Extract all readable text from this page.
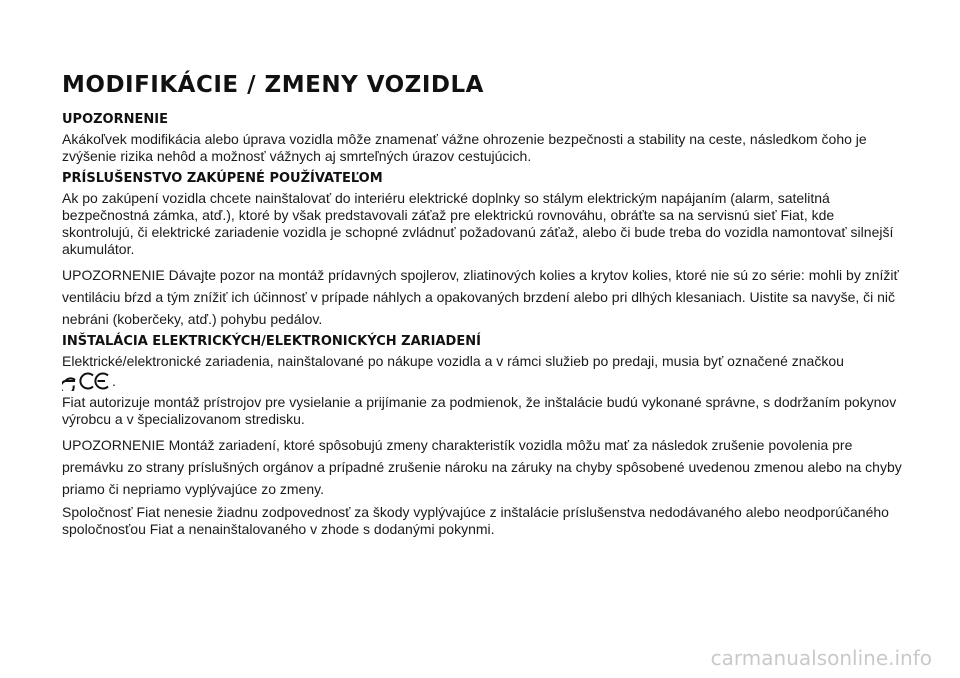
MODIFIKÁCIE / ZMENY VOZIDLA
UPOZORNENIE

Akákoľvek modifikácia alebo úprava vozidla môže znamenať vážne ohrozenie bezpečnosti a stability na ceste, následkom čoho je zvýšenie rizika nehôd a možnosť vážnych aj smrteľných úrazov cestujúcich.

PRÍSLUŠENSTVO ZAKÚPENÉ POUŽÍVATEĽOM

Ak po zakúpení vozidla chcete nainštalovať do interiéru elektrické doplnky so stálym elektrickým napájaním (alarm, satelitná bezpečnostná zámka, atď.), ktoré by však predstavovali záťaž pre elektrickú rovnováhu, obráťte sa na servisnú sieť Fiat, kde skontrolujú, či elektrické zariadenie vozidla je schopné zvládnuť požadovanú záťaž, alebo či bude treba do vozidla namontovať silnejší akumulátor.

UPOZORNENIE Dávajte pozor na montáž prídavných spojlerov, zliatinových kolies a krytov kolies, ktoré nie sú zo série: mohli by znížiť ventiláciu bŕzd a tým znížiť ich účinnosť v prípade náhlych a opakovaných brzdení alebo pri dlhých klesaniach. Uistite sa navyše, či nič nebráni (koberčeky, atď.) pohybu pedálov.

INŠTALÁCIA ELEKTRICKÝCH/ELEKTRONICKÝCH ZARIADENÍ

Elektrické/elektronické zariadenia, nainštalované po nákupe vozidla a v rámci služieb po predaji, musia byť označené značkou

.

Fiat autorizuje montáž prístrojov pre vysielanie a prijímanie za podmienok, že inštalácie budú vykonané správne, s dodržaním pokynov výrobcu a v špecializovanom stredisku.

UPOZORNENIE Montáž zariadení, ktoré spôsobujú zmeny charakteristík vozidla môžu mať za následok zrušenie povolenia pre premávku zo strany príslušných orgánov a prípadné zrušenie nároku na záruky na chyby spôsobené uvedenou zmenou alebo na chyby priamo či nepriamo vyplývajúce zo zmeny.

Spoločnosť Fiat nenesie žiadnu zodpovednosť za škody vyplývajúce z inštalácie príslušenstva nedodávaného alebo neodporúčaného spoločnosťou Fiat a nenainštalovaného v zhode s dodanými pokynmi.

carmanualsonline.info
